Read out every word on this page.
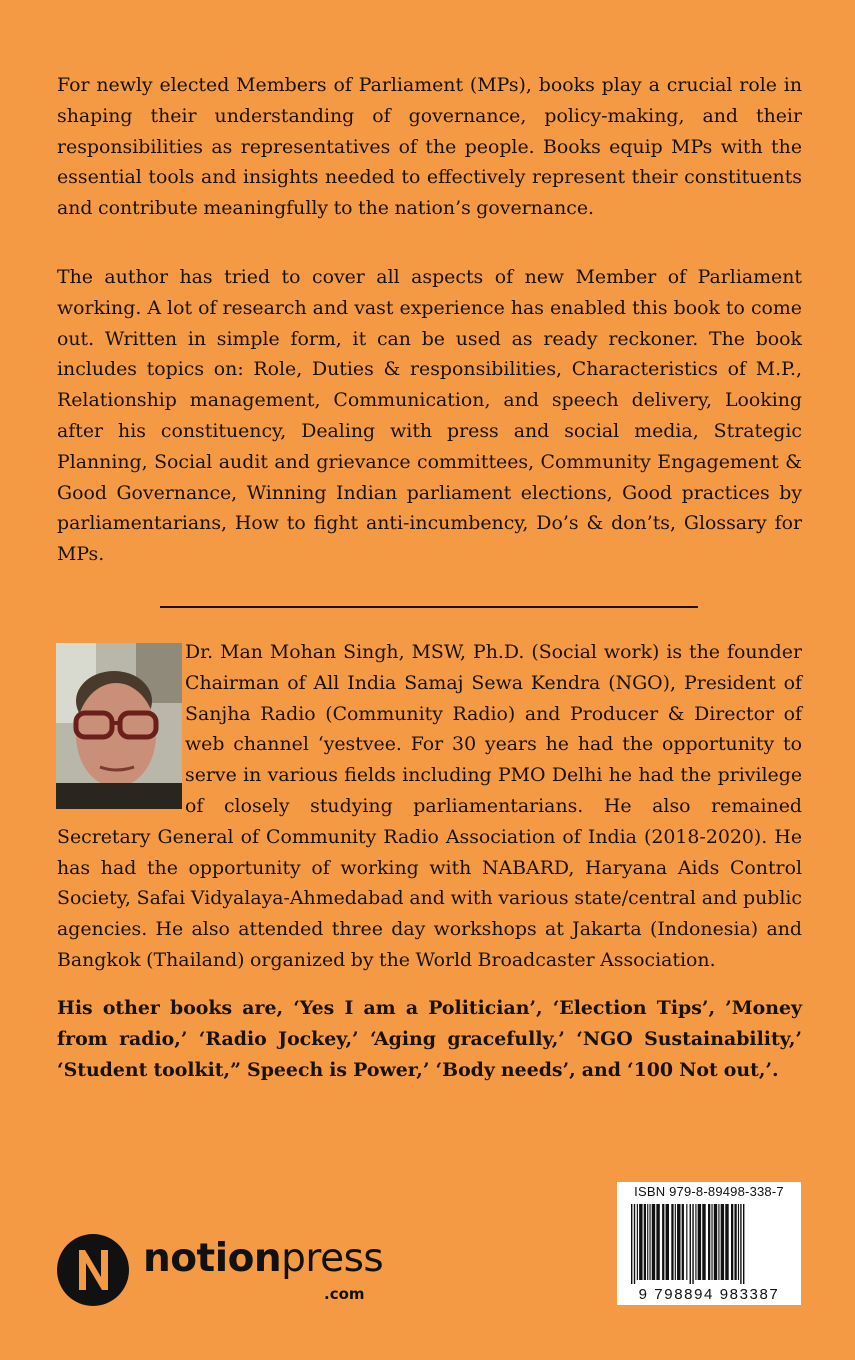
For newly elected Members of Parliament (MPs), books play a crucial role in shaping their understanding of governance, policy-making, and their responsibilities as representatives of the people. Books equip MPs with the essential tools and insights needed to effectively represent their constituents and contribute meaningfully to the nation’s governance.

The author has tried to cover all aspects of new Member of Parliament working. A lot of research and vast experience has enabled this book to come out. Written in simple form, it can be used as ready reckoner. The book includes topics on: Role, Duties & responsibilities, Characteristics of M.P., Relationship management, Communication, and speech delivery, Looking after his constituency, Dealing with press and social media, Strategic Planning, Social audit and grievance committees, Community Engagement & Good Governance, Winning Indian parliament elections, Good practices by parliamentarians, How to fight anti-incumbency, Do’s & don’ts, Glossary for MPs.

Dr. Man Mohan Singh, MSW, Ph.D. (Social work) is the founder Chairman of All India Samaj Sewa Kendra (NGO), President of Sanjha Radio (Community Radio) and Producer & Director of web channel ‘yestvee. For 30 years he had the opportunity to serve in various fields including PMO Delhi he had the privilege of closely studying parliamentarians. He also remained Secretary General of Community Radio Association of India (2018-2020). He has had the opportunity of working with NABARD, Haryana Aids Control Society, Safai Vidyalaya-Ahmedabad and with various state/central and public agencies. He also attended three day workshops at Jakarta (Indonesia) and Bangkok (Thailand) organized by the World Broadcaster Association.

His other books are, ‘Yes I am a Politician’, ‘Election Tips’, ’Money from radio,’ ‘Radio Jockey,’ ‘Aging gracefully,’ ‘NGO Sustainability,’ ‘Student toolkit,” Speech is Power,’ ‘Body needs’, and ‘100 Not out,’.

ISBN 979-8-89498-338-7
9 798894 983387
notionpress
.com
